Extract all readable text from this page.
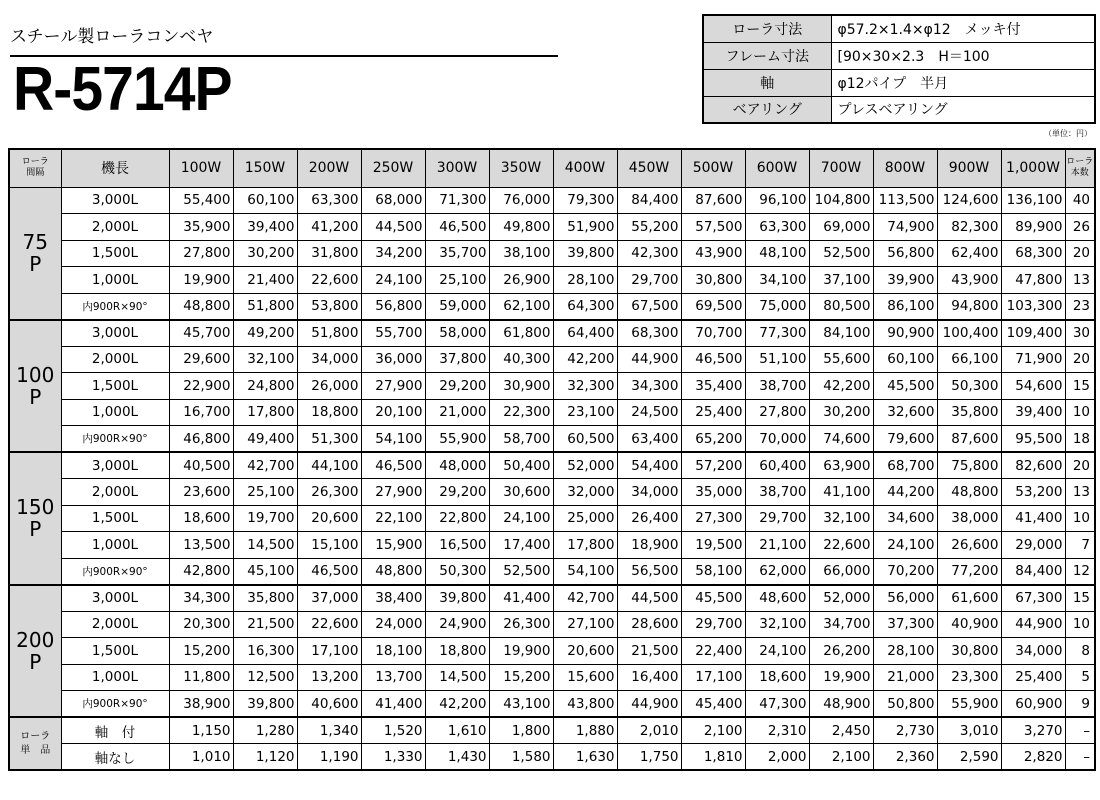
スチール製ローラコンベヤ
R-5714P
ローラ寸法	φ57.2×1.4×φ12　メッキ付
フレーム寸法	[90×30×2.3　H＝100
軸	φ12パイプ　半月
ベアリング	プレスベアリング
（単位：円）
ローラ
間隔	機長	100W	150W	200W	250W	300W	350W	400W	450W	500W	600W	700W	800W	900W	1,000W	ローラ
本数
75
P	3,000L	55,400	60,100	63,300	68,000	71,300	76,000	79,300	84,400	87,600	96,100	104,800	113,500	124,600	136,100	40
	2,000L	35,900	39,400	41,200	44,500	46,500	49,800	51,900	55,200	57,500	63,300	69,000	74,900	82,300	89,900	26
	1,500L	27,800	30,200	31,800	34,200	35,700	38,100	39,800	42,300	43,900	48,100	52,500	56,800	62,400	68,300	20
	1,000L	19,900	21,400	22,600	24,100	25,100	26,900	28,100	29,700	30,800	34,100	37,100	39,900	43,900	47,800	13
	内900R×90°	48,800	51,800	53,800	56,800	59,000	62,100	64,300	67,500	69,500	75,000	80,500	86,100	94,800	103,300	23
100
P	3,000L	45,700	49,200	51,800	55,700	58,000	61,800	64,400	68,300	70,700	77,300	84,100	90,900	100,400	109,400	30
	2,000L	29,600	32,100	34,000	36,000	37,800	40,300	42,200	44,900	46,500	51,100	55,600	60,100	66,100	71,900	20
	1,500L	22,900	24,800	26,000	27,900	29,200	30,900	32,300	34,300	35,400	38,700	42,200	45,500	50,300	54,600	15
	1,000L	16,700	17,800	18,800	20,100	21,000	22,300	23,100	24,500	25,400	27,800	30,200	32,600	35,800	39,400	10
	内900R×90°	46,800	49,400	51,300	54,100	55,900	58,700	60,500	63,400	65,200	70,000	74,600	79,600	87,600	95,500	18
150
P	3,000L	40,500	42,700	44,100	46,500	48,000	50,400	52,000	54,400	57,200	60,400	63,900	68,700	75,800	82,600	20
	2,000L	23,600	25,100	26,300	27,900	29,200	30,600	32,000	34,000	35,000	38,700	41,100	44,200	48,800	53,200	13
	1,500L	18,600	19,700	20,600	22,100	22,800	24,100	25,000	26,400	27,300	29,700	32,100	34,600	38,000	41,400	10
	1,000L	13,500	14,500	15,100	15,900	16,500	17,400	17,800	18,900	19,500	21,100	22,600	24,100	26,600	29,000	7
	内900R×90°	42,800	45,100	46,500	48,800	50,300	52,500	54,100	56,500	58,100	62,000	66,000	70,200	77,200	84,400	12
200
P	3,000L	34,300	35,800	37,000	38,400	39,800	41,400	42,700	44,500	45,500	48,600	52,000	56,000	61,600	67,300	15
	2,000L	20,300	21,500	22,600	24,000	24,900	26,300	27,100	28,600	29,700	32,100	34,700	37,300	40,900	44,900	10
	1,500L	15,200	16,300	17,100	18,100	18,800	19,900	20,600	21,500	22,400	24,100	26,200	28,100	30,800	34,000	8
	1,000L	11,800	12,500	13,200	13,700	14,500	15,200	15,600	16,400	17,100	18,600	19,900	21,000	23,300	25,400	5
	内900R×90°	38,900	39,800	40,600	41,400	42,200	43,100	43,800	44,900	45,400	47,300	48,900	50,800	55,900	60,900	9
ローラ
単　品	軸　付	1,150	1,280	1,340	1,520	1,610	1,800	1,880	2,010	2,100	2,310	2,450	2,730	3,010	3,270	–
	軸なし	1,010	1,120	1,190	1,330	1,430	1,580	1,630	1,750	1,810	2,000	2,100	2,360	2,590	2,820	–
